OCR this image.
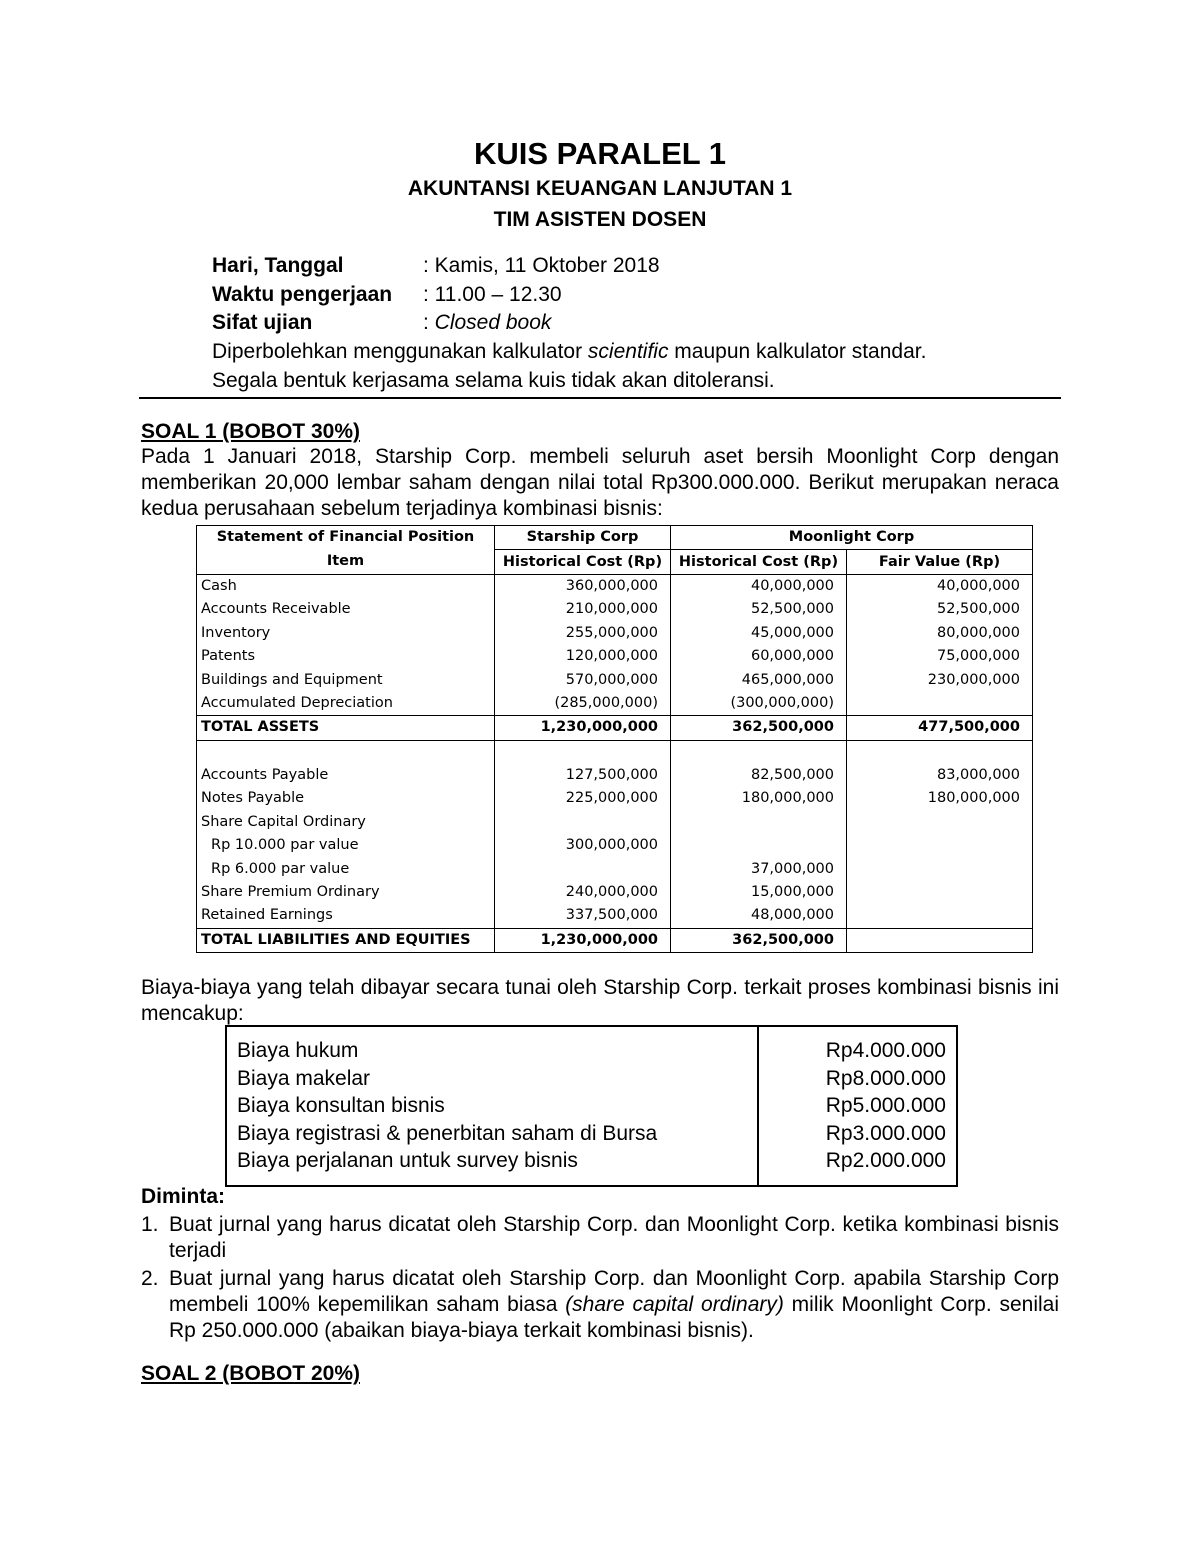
KUIS PARALEL 1
AKUNTANSI KEUANGAN LANJUTAN 1
TIM ASISTEN DOSEN
Hari, Tanggal	: Kamis, 11 Oktober 2018
Waktu pengerjaan : 11.00 – 12.30
Sifat ujian	: Closed book
Diperbolehkan menggunakan kalkulator scientific maupun kalkulator standar.
Segala bentuk kerjasama selama kuis tidak akan ditoleransi.
SOAL 1 (BOBOT 30%)
Pada 1 Januari 2018, Starship Corp. membeli seluruh aset bersih Moonlight Corp dengan memberikan 20,000 lembar saham dengan nilai total Rp300.000.000. Berikut merupakan neraca kedua perusahaan sebelum terjadinya kombinasi bisnis:
Statement of Financial Position	Starship Corp	Moonlight Corp	
Item	Historical Cost (Rp)	Historical Cost (Rp)	Fair Value (Rp)
Cash	360,000,000	40,000,000	40,000,000
Accounts Receivable	210,000,000	52,500,000	52,500,000
Inventory	255,000,000	45,000,000	80,000,000
Patents	120,000,000	60,000,000	75,000,000
Buildings and Equipment	570,000,000	465,000,000	230,000,000
Accumulated Depreciation	(285,000,000)	(300,000,000)	
TOTAL ASSETS	1,230,000,000	362,500,000	477,500,000

Accounts Payable	127,500,000	82,500,000	83,000,000
Notes Payable	225,000,000	180,000,000	180,000,000
Share Capital Ordinary			
Rp 10.000 par value	300,000,000		
Rp 6.000 par value		37,000,000	
Share Premium Ordinary	240,000,000	15,000,000	
Retained Earnings	337,500,000	48,000,000	
TOTAL LIABILITIES AND EQUITIES	1,230,000,000	362,500,000	
Biaya-biaya yang telah dibayar secara tunai oleh Starship Corp. terkait proses kombinasi bisnis ini mencakup:
Biaya hukum	Rp4.000.000
Biaya makelar	Rp8.000.000
Biaya konsultan bisnis	Rp5.000.000
Biaya registrasi & penerbitan saham di Bursa	Rp3.000.000
Biaya perjalanan untuk survey bisnis	Rp2.000.000
Diminta:
1. Buat jurnal yang harus dicatat oleh Starship Corp. dan Moonlight Corp. ketika kombinasi bisnis terjadi
2. Buat jurnal yang harus dicatat oleh Starship Corp. dan Moonlight Corp. apabila Starship Corp membeli 100% kepemilikan saham biasa (share capital ordinary) milik Moonlight Corp. senilai Rp 250.000.000 (abaikan biaya-biaya terkait kombinasi bisnis).
SOAL 2 (BOBOT 20%)
